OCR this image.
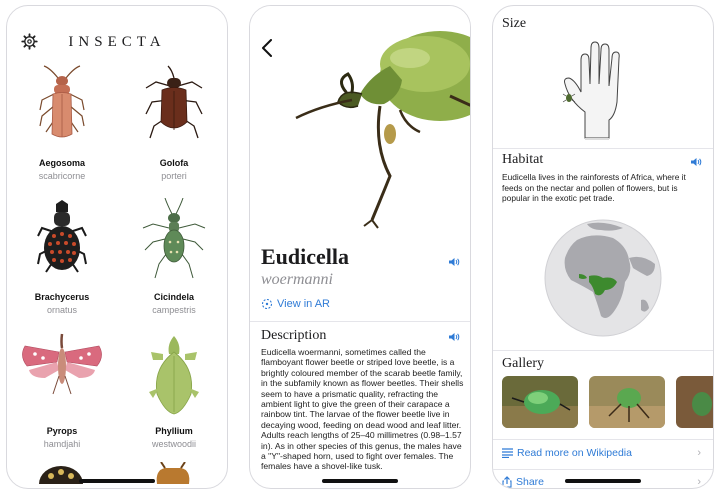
INSECTA
Aegosoma
scabricorne
Golofa
porteri
Brachycerus
ornatus
Cicindela
campestris
Pyrops
hamdjahi
Phyllium
westwoodii
Eudicella
woermanni
View in AR
Description
Eudicella woermanni, sometimes called the flamboyant flower beetle or striped love beetle, is a brightly coloured member of the scarab beetle family, in the subfamily known as flower beetles. Their shells seem to have a prismatic quality, refracting the ambient light to give the green of their carapace a rainbow tint. The larvae of the flower beetle live in decaying wood, feeding on dead wood and leaf litter. Adults reach lengths of 25–40 millimetres (0.98–1.57 in). As in other species of this genus, the males have a "Y"-shaped horn, used to fight over females. The females have a shovel-like tusk.
Size
Habitat
Eudicella lives in the rainforests of Africa, where it feeds on the nectar and pollen of flowers, but is popular in the exotic pet trade.
Gallery
Read more on Wikipedia	›
Share	›
